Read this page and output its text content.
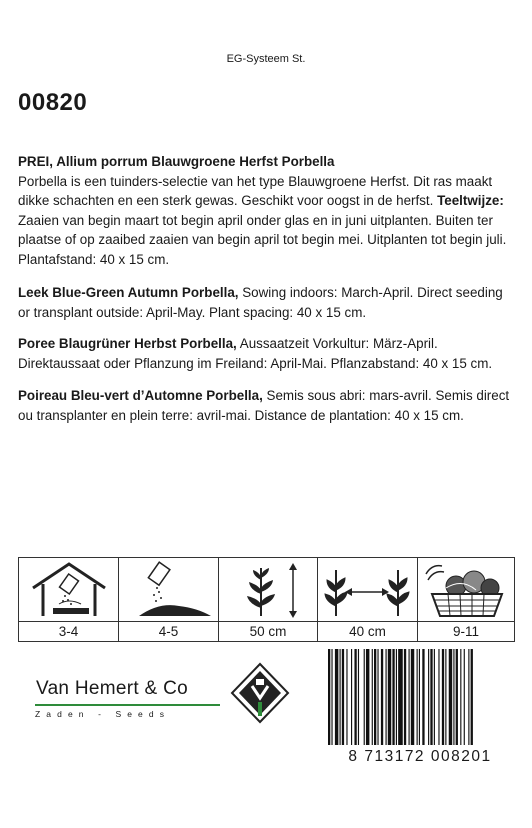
EG-Systeem St.
00820
PREI, Allium porrum Blauwgroene Herfst Porbella
Porbella is een tuinders-selectie van het type Blauwgroene Herfst. Dit ras maakt dikke schachten en een sterk gewas. Geschikt voor oogst in de herfst. Teeltwijze: Zaaien van begin maart tot begin april onder glas en in juni uitplanten. Buiten ter plaatse of op zaaibed zaaien van begin april tot begin mei. Uitplanten tot begin juli. Plantafstand: 40 x 15 cm.
Leek Blue-Green Autumn Porbella, Sowing indoors: March-April. Direct seeding or transplant outside: April-May. Plant spacing: 40 x 15 cm.
Poree Blaugrüner Herbst Porbella, Aussaatzeit Vorkultur: März-April. Direktaussaat oder Pflanzung im Freiland: April-Mai. Pflanzabstand: 40 x 15 cm.
Poireau Bleu-vert d’Automne Porbella, Semis sous abri: mars-avril. Semis direct ou transplanter en plein terre: avril-mai. Distance de plantation: 40 x 15 cm.
3-4	4-5	50 cm	40 cm	9-11
Van Hemert & Co
Zaden - Seeds
8 713172 008201
